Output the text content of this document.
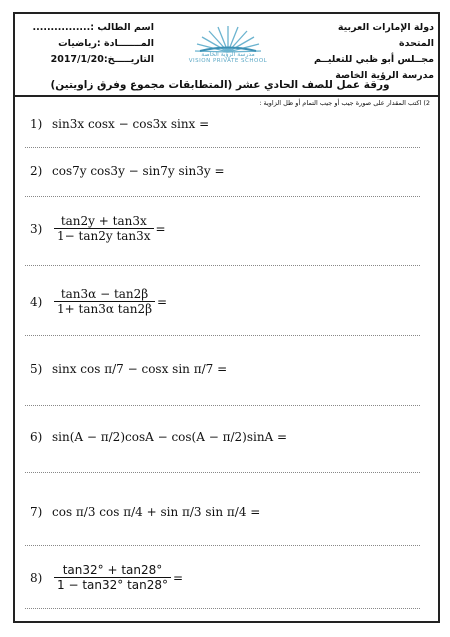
دولة الإمارات العربية المتحدة
مجــلس أبو ظبي للتعليــم
مدرسة الرؤية الخاصة
اسم الطالب :................
المـــــــادة :رياضيات
التاريـــــخ:2017/1/20	مدرسة الرؤية الخاصة
VISION PRIVATE SCHOOL
ورقة عمل للصف الحادي عشر (المتطابقات مجموع وفرق زاويتين)
2) اكتب المقدار على صورة جيب أو جيب التمام أو ظل الزاوية :
1) sin3x cosx − cos3x sinx =
2) cos7y cos3y − sin7y sin3y =
$3) \frac{\tan 2y + \tan 3x}{\text{1− tan2y tan3x}}$ =
$4) \frac{\tan 3\alpha - \tan 2\beta}{\text{1+ tan3α tan2β}}$ =
5) sinx cos π/7 − cosx sin π/7 =
6) sin(A − π/2)cosA − cos(A − π/2)sinA =
7) cos π/3 cos π/4 + sin π/3 sin π/4 =
$8) \frac{\tan 32^\circ + \tan 28^\circ}{1 - \tan 32^\circ \tan 28^\circ}$ =
